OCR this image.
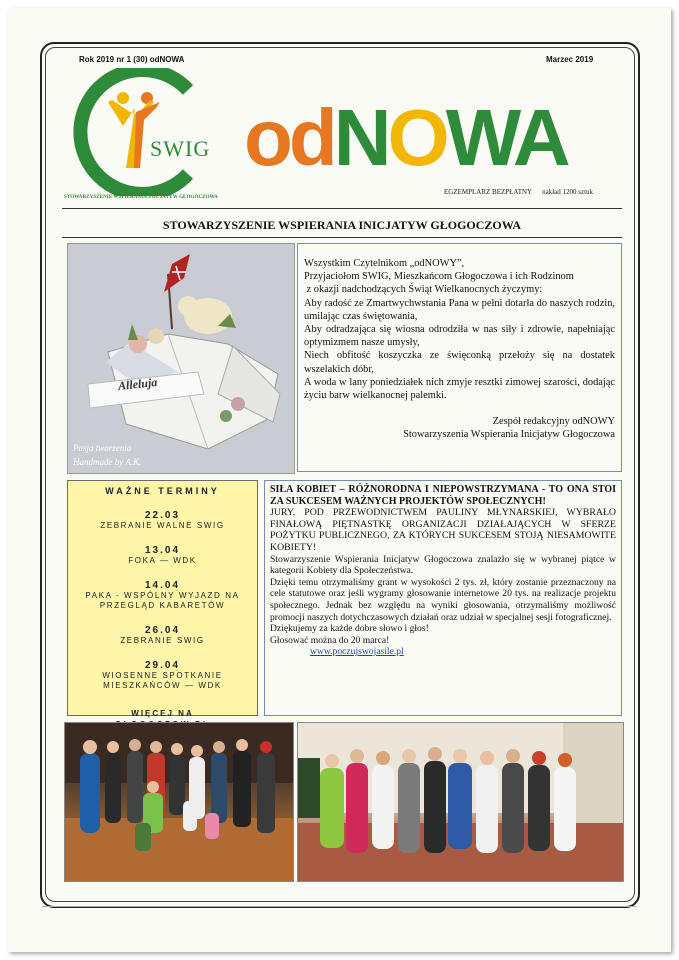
Rok 2019 nr 1 (30) odNOWA	Marzec 2019
SWIG
STOWARZYSZENIE WSPIERANIA INICJATYW GŁOGOCZOWA
odNOWA
EGZEMPLARZ BEZPŁATNY nakład 1200 sztuk
STOWARZYSZENIE WSPIERANIA INICJATYW GŁOGOCZOWA
Alleluja
Pasja tworzenia
Handmade by A.K.

Wszystkim Czytelnikom „odNOWY”,

Przyjaciołom SWIG, Mieszkańcom Głogoczowa i ich Rodzinom

z okazji nadchodzących Świąt Wielkanocnych życzymy:

Aby radość ze Zmartwychwstania Pana w pełni dotarła do naszych rodzin, umilając czas świętowania,

Aby odradzająca się wiosna odrodziła w nas siły i zdrowie, napełniając optymizmem nasze umysły,

Niech obfitość koszyczka ze święconką przełoży się na dostatek wszelakich dóbr,

A woda w lany poniedziałek nich zmyje resztki zimowej szarości, dodając życiu barw wielkanocnej palemki.

Zespół redakcyjny odNOWY

Stowarzyszenia Wspierania Inicjatyw Głogoczowa

WAŻNE TERMINY
22.03
ZEBRANIE WALNE SWIG
13.04
FOKA — WDK
14.04
PAKA - WSPÓLNY WYJAZD NA PRZEGLĄD KABARETÓW
26.04
ZEBRANIE SWIG
29.04
WIOSENNE SPOTKANIE MIESZKAŃCÓW — WDK
WIĘCEJ NA

SIŁA KOBIET – RÓŻNORODNA I NIEPOWSTRZYMANA - TO ONA STOI ZA SUKCESEM WAŻNYCH PROJEKTÓW SPOŁECZNYCH!

JURY, POD PRZEWODNICTWEM PAULINY MŁYNARSKIEJ, WYBRAŁO FINAŁOWĄ PIĘTNASTKĘ ORGANIZACJI DZIAŁAJĄCYCH W SFERZE POŻYTKU PUBLICZNEGO, ZA KTÓRYCH SUKCESEM STOJĄ NIESAMOWITE KOBIETY!

Stowarzyszenie Wspierania Inicjatyw Głogoczowa znalazło się w wybranej piątce w kategorii Kobiety dla Społeczeństwa.

Dzięki temu otrzymaliśmy grant w wysokości 2 tys. zł, który zostanie przeznaczony na cele statutowe oraz jeśli wygramy głosowanie internetowe 20 tys. na realizacje projektu społecznego. Jednak bez względu na wyniki głosowania, otrzymaliśmy możliwość promocji naszych dotychczasowych działań oraz udział w specjalnej sesji fotograficznej.

Dziękujemy za każde dobre słowo i głos!

Głosować można do 20 marca!

www.poczujswojasile.pl
